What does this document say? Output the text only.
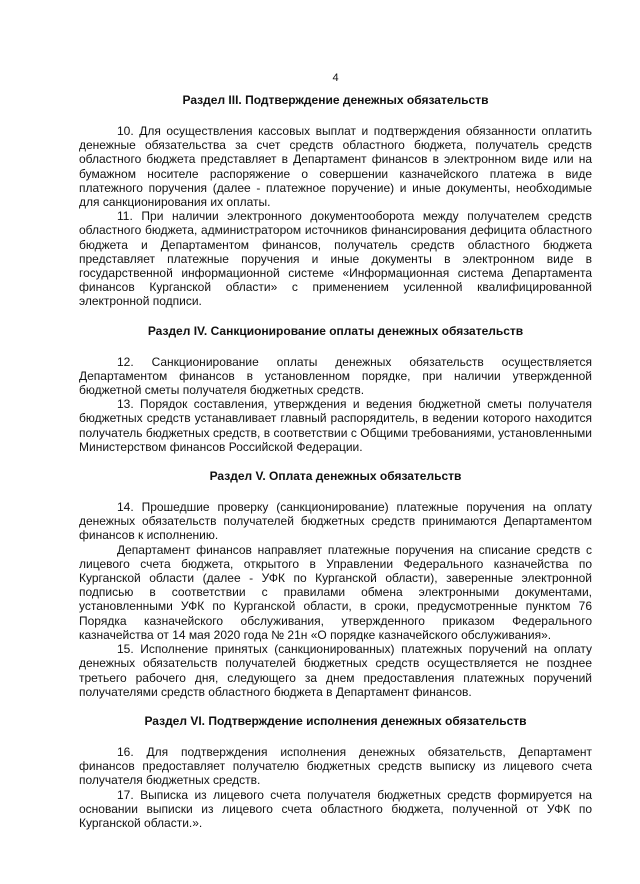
4
Раздел III. Подтверждение денежных обязательств

10. Для осуществления кассовых выплат и подтверждения обязанности оплатить денежные обязательства за счет средств областного бюджета, получатель средств областного бюджета представляет в Департамент финансов в электронном виде или на бумажном носителе распоряжение о совершении казначейского платежа в виде платежного поручения (далее - платежное поручение) и иные документы, необходимые для санкционирования их оплаты.

11. При наличии электронного документооборота между получателем средств областного бюджета, администратором источников финансирования дефицита областного бюджета и Департаментом финансов, получатель средств областного бюджета представляет платежные поручения и иные документы в электронном виде в государственной информационной системе «Информационная система Департамента финансов Курганской области» с применением усиленной квалифицированной электронной подписи.

Раздел IV. Санкционирование оплаты денежных обязательств

12. Санкционирование оплаты денежных обязательств осуществляется Департаментом финансов в установленном порядке, при наличии утвержденной бюджетной сметы получателя бюджетных средств.

13. Порядок составления, утверждения и ведения бюджетной сметы получателя бюджетных средств устанавливает главный распорядитель, в ведении которого находится получатель бюджетных средств, в соответствии с Общими требованиями, установленными Министерством финансов Российской Федерации.

Раздел V. Оплата денежных обязательств

14. Прошедшие проверку (санкционирование) платежные поручения на оплату денежных обязательств получателей бюджетных средств принимаются Департаментом финансов к исполнению.

Департамент финансов направляет платежные поручения на списание средств с лицевого счета бюджета, открытого в Управлении Федерального казначейства по Курганской области (далее - УФК по Курганской области), заверенные электронной подписью в соответствии с правилами обмена электронными документами, установленными УФК по Курганской области, в сроки, предусмотренные пунктом 76 Порядка казначейского обслуживания, утвержденного приказом Федерального казначейства от 14 мая 2020 года № 21н «О порядке казначейского обслуживания».

15. Исполнение принятых (санкционированных) платежных поручений на оплату денежных обязательств получателей бюджетных средств осуществляется не позднее третьего рабочего дня, следующего за днем предоставления платежных поручений получателями средств областного бюджета в Департамент финансов.

Раздел VI. Подтверждение исполнения денежных обязательств

16. Для подтверждения исполнения денежных обязательств, Департамент финансов предоставляет получателю бюджетных средств выписку из лицевого счета получателя бюджетных средств.

17. Выписка из лицевого счета получателя бюджетных средств формируется на основании выписки из лицевого счета областного бюджета, полученной от УФК по Курганской области.».
